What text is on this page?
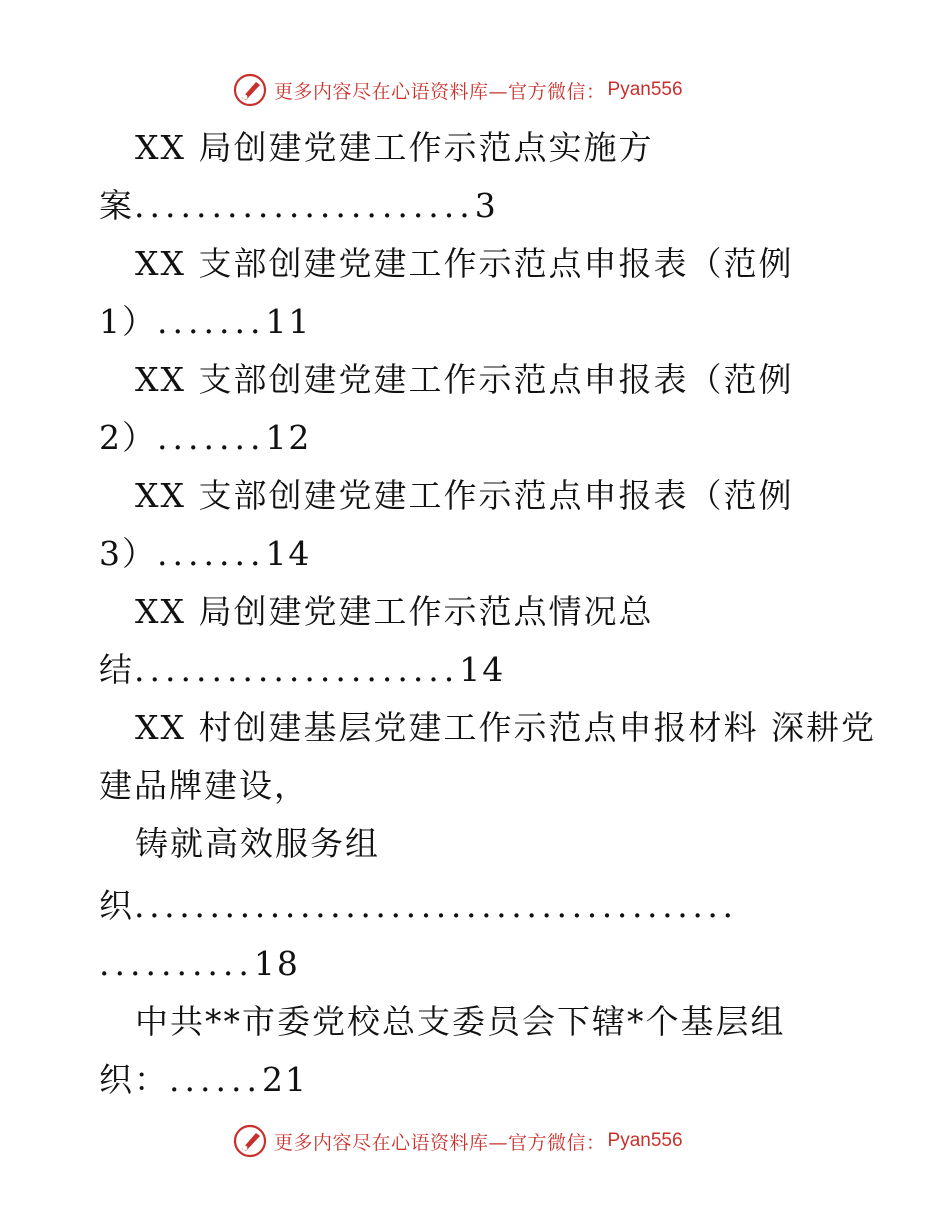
更多内容尽在心语资料库—官方微信： Pyan556
XX 局创建党建工作示范点实施方
案......................3
XX 支部创建党建工作示范点申报表（范例
1）.......11
XX 支部创建党建工作示范点申报表（范例
2）.......12
XX 支部创建党建工作示范点申报表（范例
3）.......14
XX 局创建党建工作示范点情况总
结.....................14
XX 村创建基层党建工作示范点申报材料 深耕党
建品牌建设，
铸就高效服务组
织........................................
..........18
中共**市委党校总支委员会下辖*个基层组
织：......21
更多内容尽在心语资料库—官方微信： Pyan556
